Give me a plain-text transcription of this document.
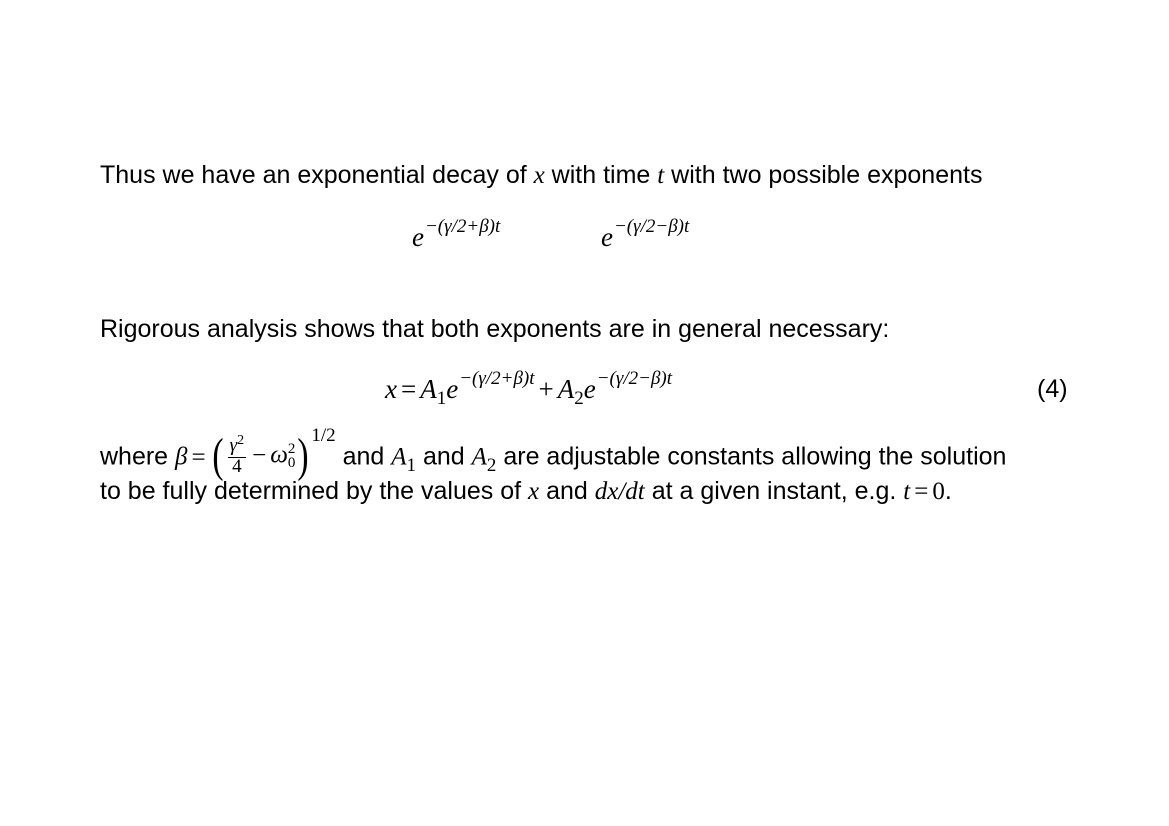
Thus we have an exponential decay of x with time t with two possible exponents
$e^{-(\gamma/2+\beta)t}$	$e^{-(\gamma/2-\beta)t}$
Rigorous analysis shows that both exponents are in general necessary:
$x = A_1e^{-(\gamma/2+\beta)t} + A_2e^{-(\gamma/2-\beta)t}$	(4)
where β = ( $\frac{\gamma^2}{4} - \omega$ 2
0 ) $^{1/2}$ and $A_1$ and $A_2$ are adjustable constants allowing the solution
to be fully determined by the values of x and dx/dt at a given instant, e.g. t = 0.
